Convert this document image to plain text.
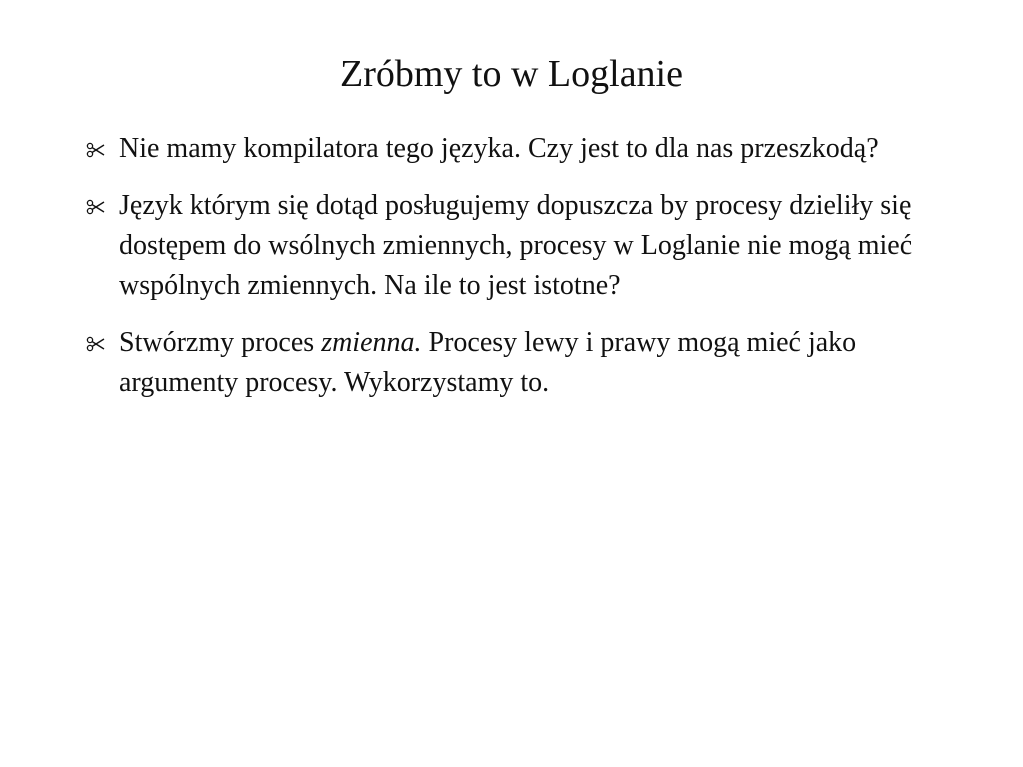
Zróbmy to w Loglanie
Nie mamy kompilatora tego języka. Czy jest to dla nas przeszkodą?
Język którym się dotąd posługujemy dopuszcza by procesy dzieliły się dostępem do wsólnych zmiennych, procesy w Loglanie nie mogą mieć wspólnych zmiennych. Na ile to jest istotne?
Stwórzmy proces zmienna. Procesy lewy i prawy mogą mieć jako argumenty procesy. Wykorzystamy to.
